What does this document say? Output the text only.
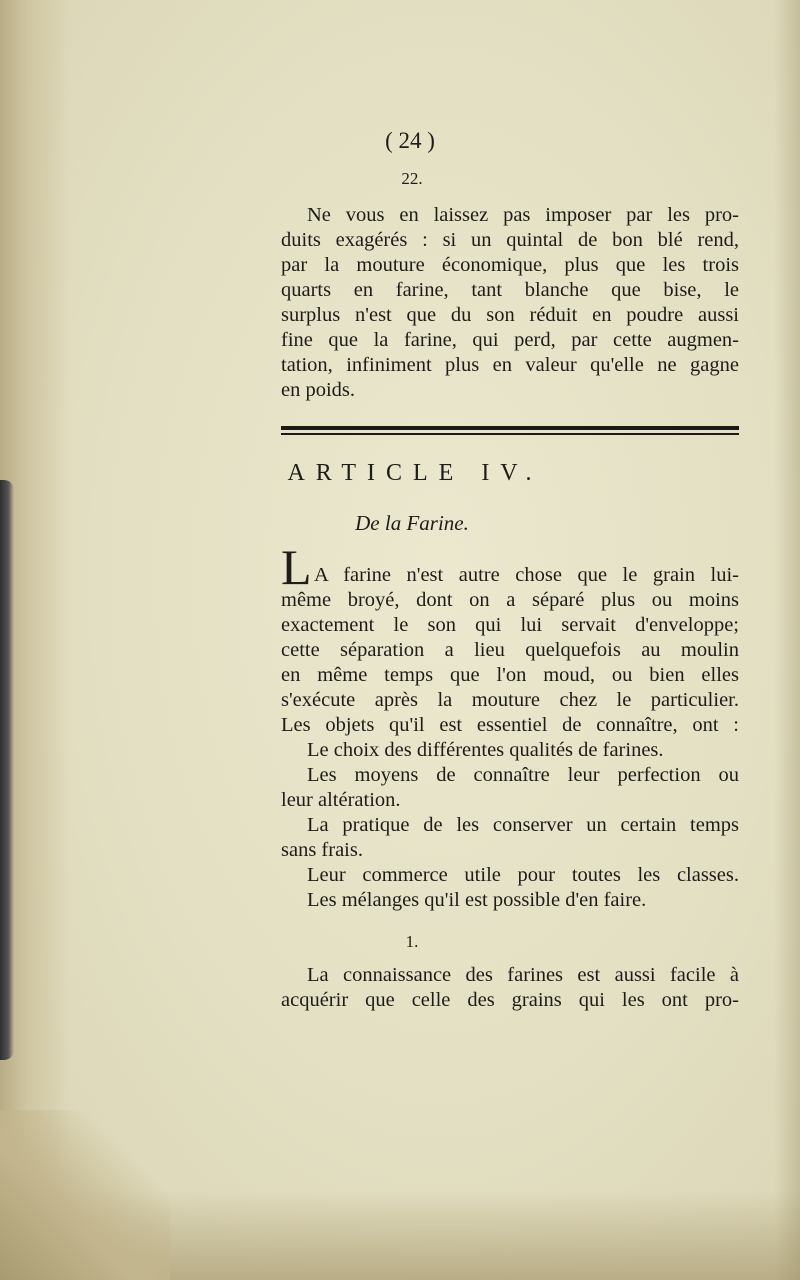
( 24 )
22.
Ne vous en laissez pas imposer par les pro-
duits exagérés : si un quintal de bon blé rend,
par la mouture économique, plus que les trois
quarts en farine, tant blanche que bise, le
surplus n'est que du son réduit en poudre aussi
fine que la farine, qui perd, par cette augmen-
tation, infiniment plus en valeur qu'elle ne gagne
en poids.
ARTICLE IV.
De la Farine.
L A farine n'est autre chose que le grain lui-
même broyé, dont on a séparé plus ou moins
exactement le son qui lui servait d'enveloppe;
cette séparation a lieu quelquefois au moulin
en même temps que l'on moud, ou bien elles
s'exécute après la mouture chez le particulier.
Les objets qu'il est essentiel de connaître, ont :
Le choix des différentes qualités de farines.
Les moyens de connaître leur perfection ou
leur altération.
La pratique de les conserver un certain temps
sans frais.
Leur commerce utile pour toutes les classes.
Les mélanges qu'il est possible d'en faire.
1.
La connaissance des farines est aussi facile à
acquérir que celle des grains qui les ont pro-
